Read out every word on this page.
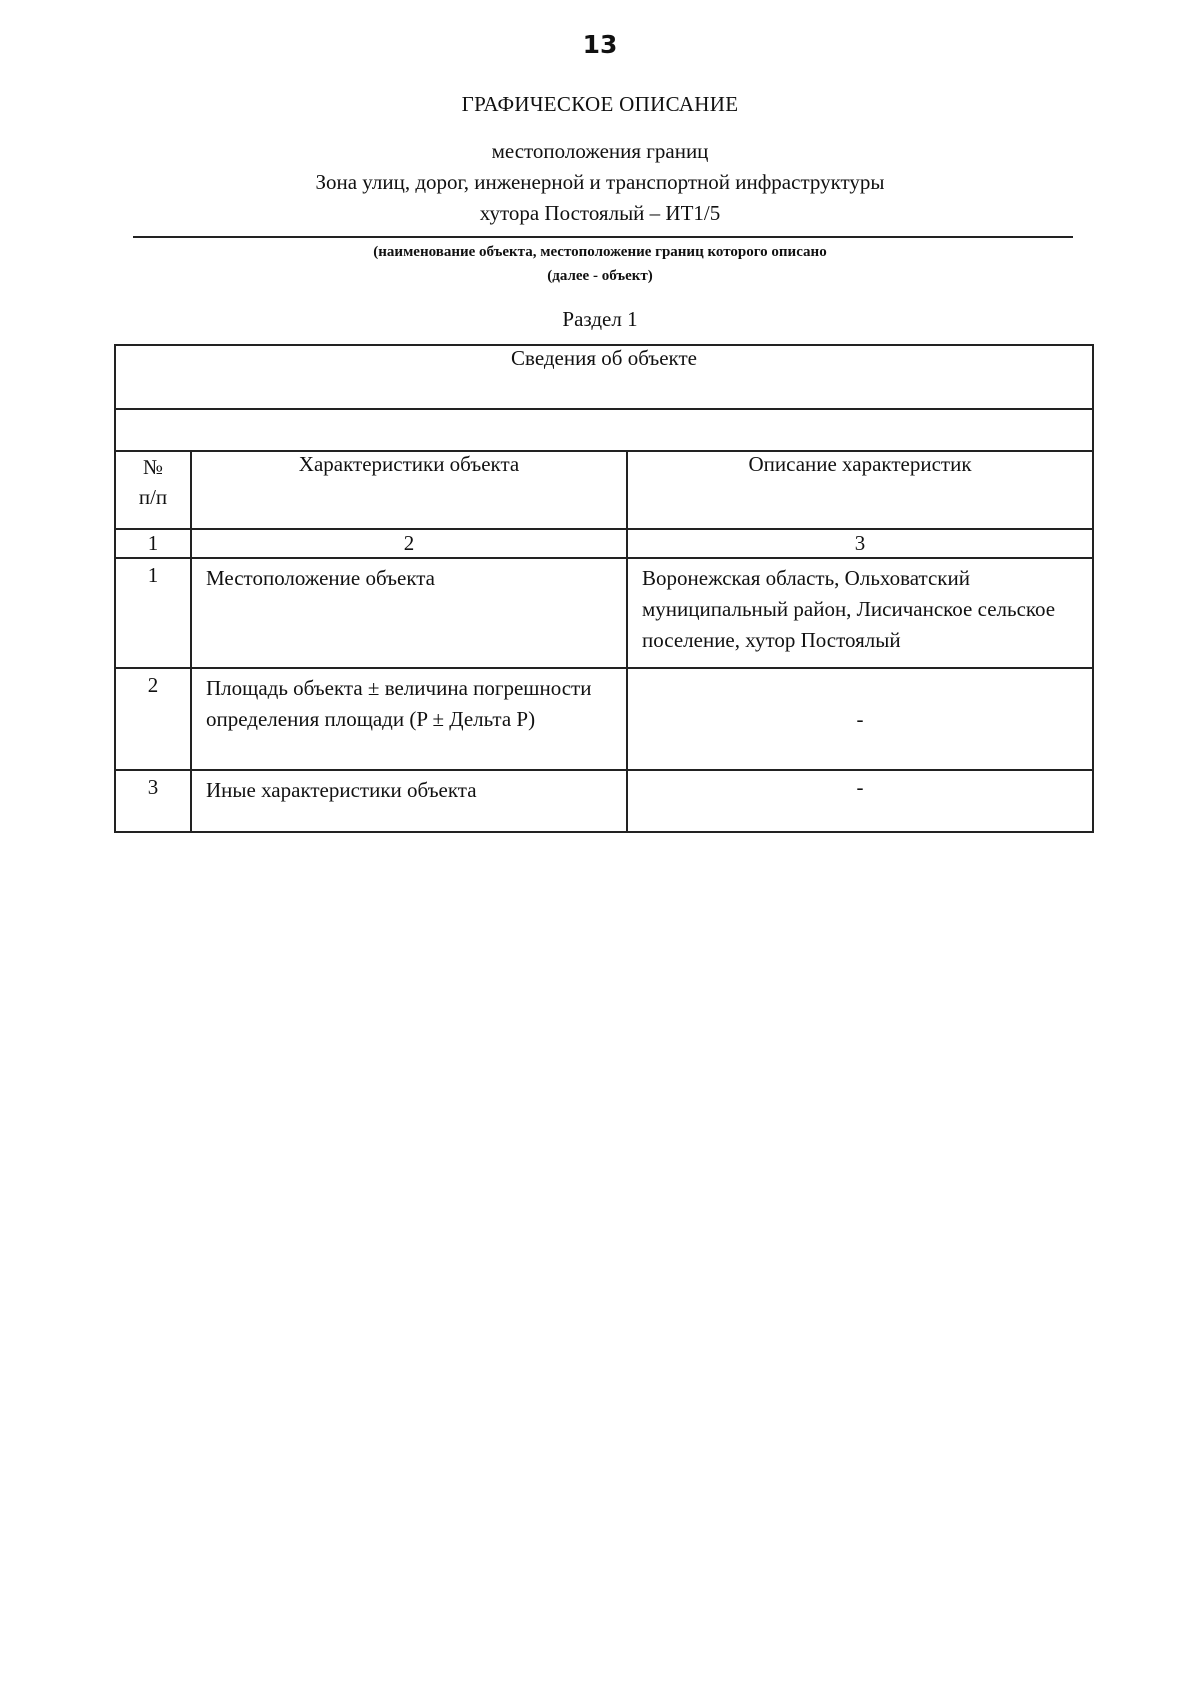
13
ГРАФИЧЕСКОЕ ОПИСАНИЕ
местоположения границ
Зона улиц, дорог, инженерной и транспортной инфраструктуры
хутора Постоялый – ИТ1/5
(наименование объекта, местоположение границ которого описано
(далее - объект)
Раздел 1
Сведения об объекте		

№
п/п	Характеристики объекта	Описание характеристик
1	2	3
1	Местоположение объекта	Воронежская область, Ольховатский муниципальный район, Лисичанское сельское поселение, хутор Постоялый
2	Площадь объекта ± величина погрешности определения площади (P ± Дельта P)	-
3	Иные характеристики объекта	-
